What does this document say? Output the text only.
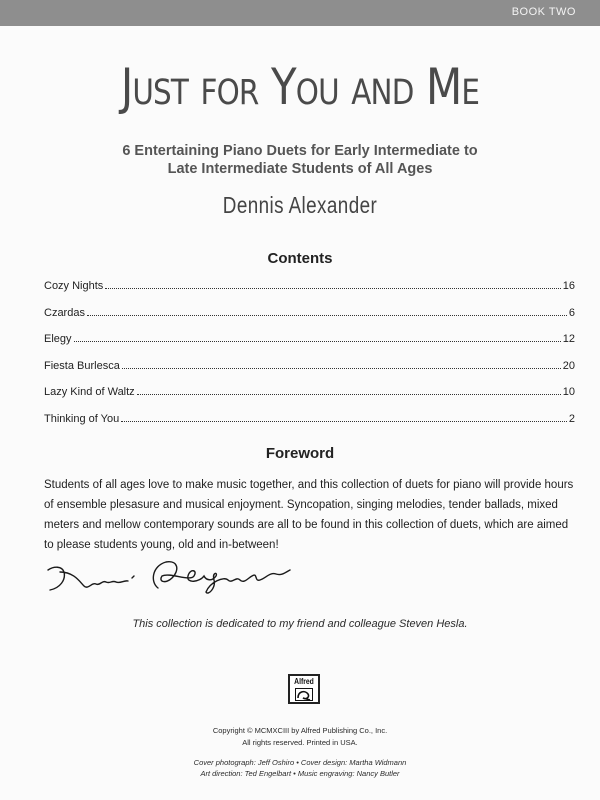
BOOK TWO
Just for You and Me
6 Entertaining Piano Duets for Early Intermediate to
Late Intermediate Students of All Ages
Dennis Alexander
Contents
Cozy Nights	16
Czardas	6
Elegy	12
Fiesta Burlesca	20
Lazy Kind of Waltz	10
Thinking of You	2
Foreword
Students of all ages love to make music together, and this collection of duets for piano will provide hours of ensemble plesasure and musical enjoyment. Syncopation, singing melodies, tender ballads, mixed meters and mellow contemporary sounds are all to be found in this collection of duets, which are aimed to please students young, old and in-between!
This collection is dedicated to my friend and colleague Steven Hesla.
Alfred
Copyright © MCMXCIII by Alfred Publishing Co., Inc.
All rights reserved. Printed in USA.
Cover photograph: Jeff Oshiro • Cover design: Martha Widmann
Art direction: Ted Engelbart • Music engraving: Nancy Butler
